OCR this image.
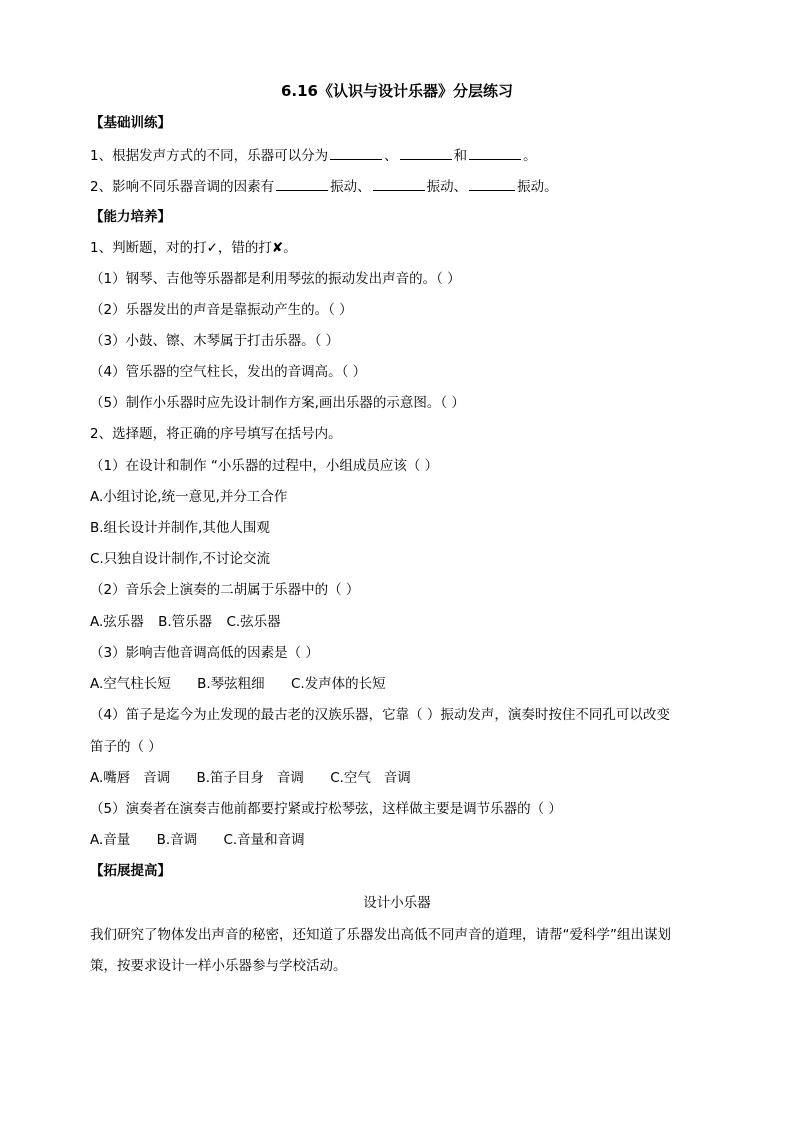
6.16《认识与设计乐器》分层练习
【基础训练】
1、根据发声方式的不同，乐器可以分为	、	和	。
2、影响不同乐器音调的因素有	振动、	振动、	振动。
【能力培养】
1、判断题，对的打✓，错的打✘。
（1）钢琴、吉他等乐器都是利用琴弦的振动发出声音的。（ ）
（2）乐器发出的声音是靠振动产生的。（ ）
（3）小鼓、镲、木琴属于打击乐器。（ ）
（4）管乐器的空气柱长，发出的音调高。（ ）
（5）制作小乐器时应先设计制作方案,画出乐器的示意图。（ ）
2、选择题，将正确的序号填写在括号内。
（1）在设计和制作 “小乐器的过程中，小组成员应该（ ）
A.小组讨论,统一意见,并分工合作
B.组长设计并制作,其他人围观
C.只独自设计制作,不讨论交流
（2）音乐会上演奏的二胡属于乐器中的（ ）
A.弦乐器 B.管乐器 C.弦乐器
（3）影响吉他音调高低的因素是（ ）
A.空气柱长短 B.琴弦粗细 C.发声体的长短
（4）笛子是迄今为止发现的最古老的汉族乐器，它靠（ ）振动发声，演奏时按住不同孔可以改变
笛子的（ ）
A.嘴唇   音调 B.笛子目身   音调 C.空气   音调
（5）演奏者在演奏吉他前都要拧紧或拧松琴弦，这样做主要是调节乐器的（ ）
A.音量 B.音调 C.音量和音调
【拓展提高】
设计小乐器
我们研究了物体发出声音的秘密，还知道了乐器发出高低不同声音的道理，请帮“爱科学”组出谋划
策，按要求设计一样小乐器参与学校活动。
